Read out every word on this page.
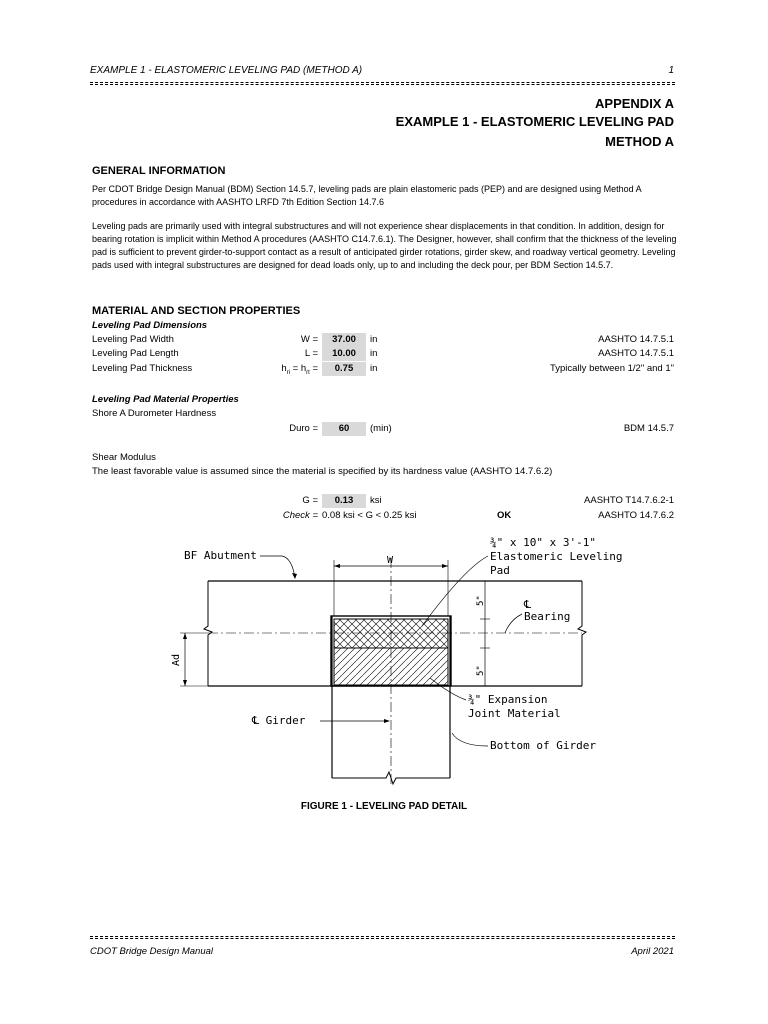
EXAMPLE 1 - ELASTOMERIC LEVELING PAD (METHOD A)	1
APPENDIX A
EXAMPLE 1 - ELASTOMERIC LEVELING PAD
METHOD A
GENERAL INFORMATION
Per CDOT Bridge Design Manual (BDM) Section 14.5.7, leveling pads are plain elastomeric pads (PEP) and are designed using Method A procedures in accordance with AASHTO LRFD 7th Edition Section 14.7.6
Leveling pads are primarily used with integral substructures and will not experience shear displacements in that condition. In addition, design for bearing rotation is implicit within Method A procedures (AASHTO C14.7.6.1). The Designer, however, shall confirm that the thickness of the leveling pad is sufficient to prevent girder-to-support contact as a result of anticipated girder rotations, girder skew, and roadway vertical geometry. Leveling pads used with integral substructures are designed for dead loads only, up to and including the deck pour, per BDM Section 14.5.7.
MATERIAL AND SECTION PROPERTIES
Leveling Pad Dimensions
Leveling Pad Width	W =	37.00	in	AASHTO 14.7.5.1
Leveling Pad Length	L =	10.00	in	AASHTO 14.7.5.1
Leveling Pad Thickness	$h_{ri} = h_{rt}$ =	0.75	in	Typically between 1/2" and 1"
Leveling Pad Material Properties
Shore A Durometer Hardness
Duro =	60	(min)	BDM 14.5.7
Shear Modulus
The least favorable value is assumed since the material is specified by its hardness value (AASHTO 14.7.6.2)
G =	0.13	ksi	AASHTO T14.7.6.2-1
Check = 0.08 ksi < G < 0.25 ksi	OK	AASHTO 14.7.6.2
W
Ad
5"
5"
BF Abutment
¾" x 10" x 3'-1"
Elastomeric Leveling
Pad
℄
Bearing
¾" Expansion
Joint Material
℄ Girder
Bottom of Girder
FIGURE 1 - LEVELING PAD DETAIL
CDOT Bridge Design Manual	April 2021
